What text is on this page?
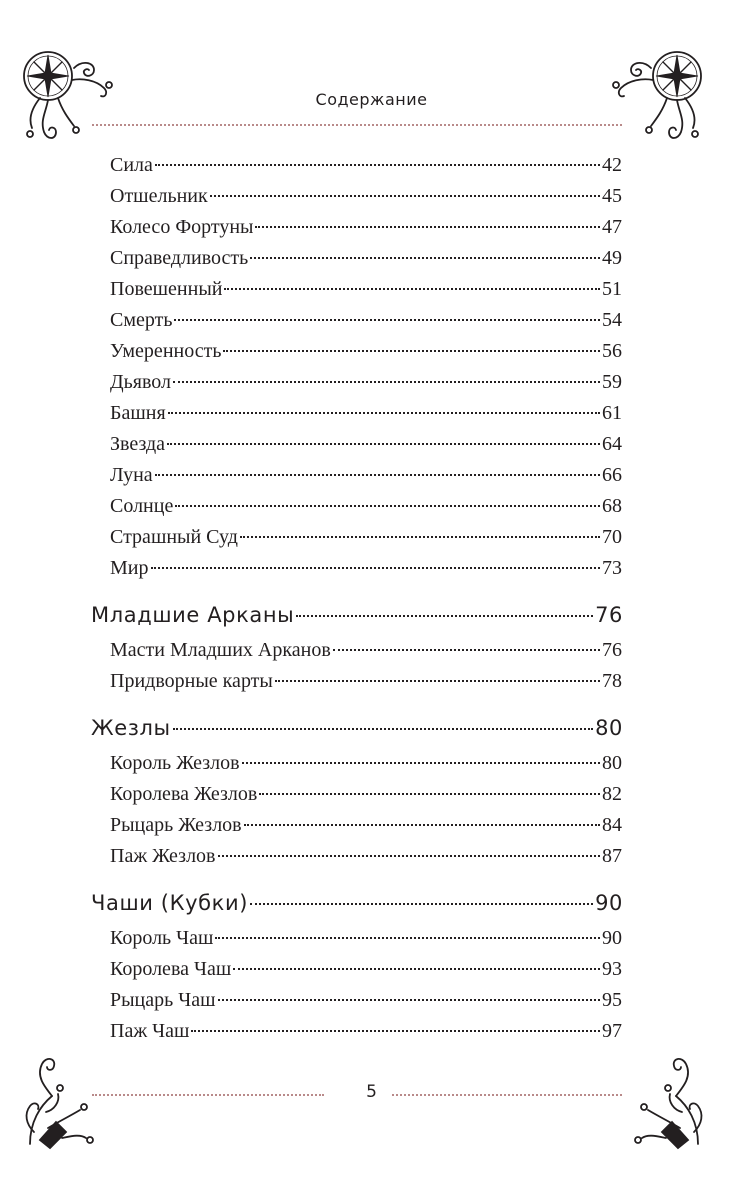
Содержание
Сила	42
Отшельник	45
Колесо Фортуны	47
Справедливость	49
Повешенный	51
Смерть	54
Умеренность	56
Дьявол	59
Башня	61
Звезда	64
Луна	66
Солнце	68
Страшный Суд	70
Мир	73
Младшие Арканы	76
Масти Младших Арканов	76
Придворные карты	78
Жезлы	80
Король Жезлов	80
Королева Жезлов	82
Рыцарь Жезлов	84
Паж Жезлов	87
Чаши (Кубки)	90
Король Чаш	90
Королева Чаш	93
Рыцарь Чаш	95
Паж Чаш	97
5
